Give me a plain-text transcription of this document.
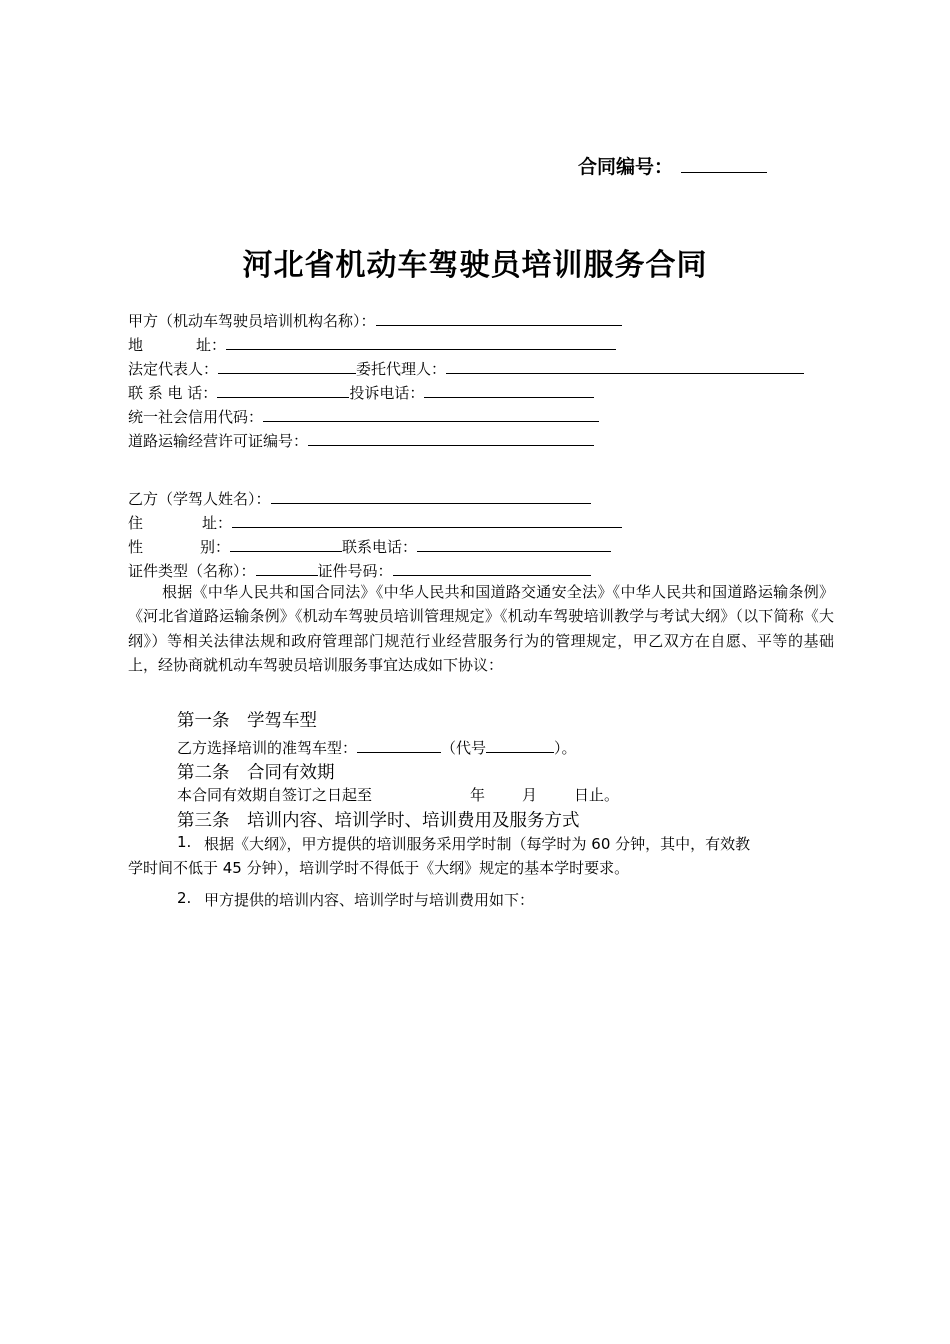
合同编号：
河北省机动车驾驶员培训服务合同
甲方（机动车驾驶员培训机构名称）：
地	址：
法定代表人：	委托代理人：
联 系 电 话：	投诉电话：
统一社会信用代码：
道路运输经营许可证编号：
乙方（学驾人姓名）：
住	址：
性	别：	联系电话：
证件类型（名称）：	证件号码：
根据《中华人民共和国合同法》《中华人民共和国道路交通安全法》《中华人民共和国道路运输条例》《河北省道路运输条例》《机动车驾驶员培训管理规定》《机动车驾驶培训教学与考试大纲》（以下简称《大纲》）等相关法律法规和政府管理部门规范行业经营服务行为的管理规定，甲乙双方在自愿、平等的基础上，经协商就机动车驾驶员培训服务事宜达成如下协议：
第一条　学驾车型
乙方选择培训的准驾车型：	（代号	）。
第二条　合同有效期
本合同有效期自签订之日起至	年 月 日止。
第三条　培训内容、培训学时、培训费用及服务方式
1. 根据《大纲》，甲方提供的培训服务采用学时制（每学时为 60 分钟，其中，有效教
学时间不低于 45 分钟），培训学时不得低于《大纲》规定的基本学时要求。
2. 甲方提供的培训内容、培训学时与培训费用如下：
